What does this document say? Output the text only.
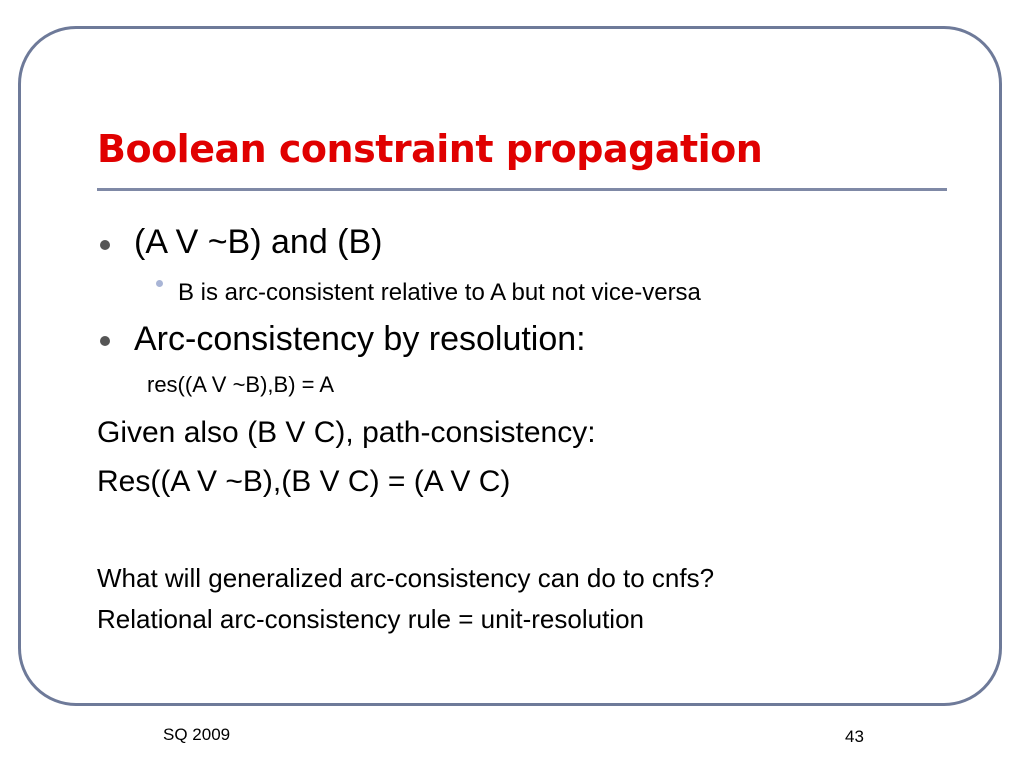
Boolean constraint propagation
(A V ~B) and (B)
B is arc-consistent relative to A but not vice-versa
Arc-consistency by resolution:
res((A V ~B),B) = A
Given also (B V C), path-consistency:
Res((A V ~B),(B V C) = (A V C)
What will generalized arc-consistency can do to cnfs?
Relational arc-consistency rule = unit-resolution
SQ 2009	43
